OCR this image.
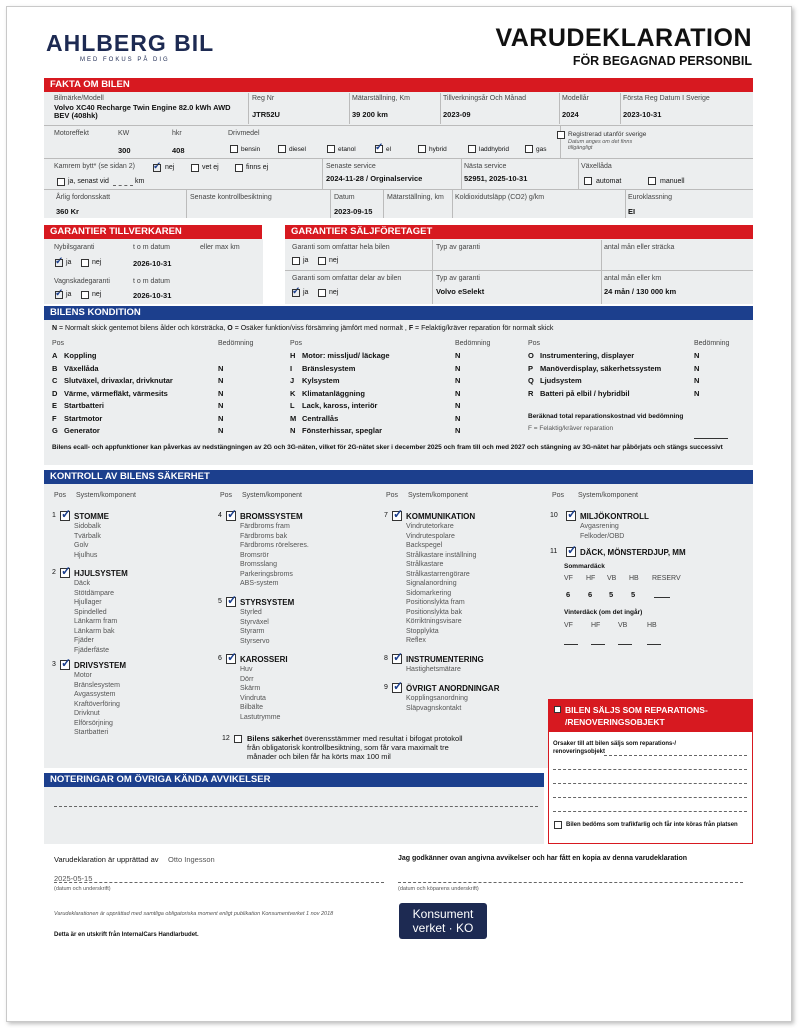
AHLBERG BIL
MED FOKUS PÅ DIG
VARUDEKLARATION
FÖR BEGAGNAD PERSONBIL
FAKTA OM BILEN
Bilmärke/Modell
Volvo XC40 Recharge Twin Engine 82.0 kWh AWD BEV (408hk)
Reg Nr
JTR52U
Mätarställning, Km
39 200 km
Tillverkningsår Och Månad
2023-09
Modellår
2024
Första Reg Datum I Sverige
2023-10-31
Motoreffekt	KW
300
hkr
408
Drivmedel	Registrerad utanför sverige
Datum anges om det finns tillgängligt
Kamrem bytt* (se sidan 2) ✓ nej	vet ej	finns ej
ja, senast vid	km
Senaste service
2024-11-28 / Orginalservice
Nästa service
52951, 2025-10-31
Växellåda
automat	manuell
Årlig fordonsskatt
360 Kr
Senaste kontrollbesiktning	Datum
2023-09-15
Mätarställning, km Koldioxidutsläpp (CO2) g/km	Euroklassning
EI
GARANTIER TILLVERKAREN	GARANTIER SÄLJFÖRETAGET
Nybilsgaranti	t o m datum	eller max km
✓ ja	nej	2026-10-31
Vagnskadegaranti	t o m datum
✓ ja	nej	2026-10-31
Garanti som omfattar hela bilen
ja	nej
Typ av garanti	antal mån eller sträcka
Garanti som omfattar delar av bilen
✓ ja	nej
Typ av garanti
Volvo eSelekt
antal mån eller km
24 mån / 130 000 km
BILENS KONDITION
N = Normalt skick gentemot bilens ålder och körsträcka, O = Osäker funktion/viss försämring jämfört med normalt , F = Felaktig/kräver reparation för normalt skick
Pos	Bedömning	Pos	Bedömning	Pos	Bedömning
Beräknad total reparationskostnad vid bedömning
F = Felaktig/kräver reparation
Bilens ecall- och appfunktioner kan påverkas av nedstängningen av 2G och 3G-näten, vilket för 2G-nätet sker i december 2025 och fram till och med 2027 och stängning av 3G-nätet har påbörjats och stängs successivt
KONTROLL AV BILENS SÄKERHET
Pos System/komponent	Pos System/komponent	Pos System/komponent	Pos System/komponent
Sommardäck
VF HF VB HB RESERV
6 6 5 5
Vinterdäck (om det ingår)
VF	HF	VB	HB
12 Bilens säkerhet överensstämmer med resultat i bifogat protokoll från obligatorisk kontrollbesiktning, som får vara maximalt tre månader och bilen får ha körts max 100 mil
BILEN SÄLJS SOM REPARATIONS- /RENOVERINGSOBJEKT
Orsaker till att bilen säljs som reparations-/ renoveringsobjekt
Bilen bedöms som trafikfarlig och får inte köras från platsen
NOTERINGAR OM ÖVRIGA KÄNDA AVVIKELSER
Varudeklaration är upprättad av Otto Ingesson
2025-05-15
(datum och underskrift)
Jag godkänner ovan angivna avvikelser och har fått en kopia av denna varudeklaration
(datum och köparens underskrift)
Varudeklarationen är upprättad med samtliga obligatoriska moment enligt publikation Konsumentverket 1 nov 2018
Detta är en utskrift från InternalCars Handlarbudet.
Konsument
verket · KO
bensin	diesel	etanol ✓ el	hybrid	laddhybrid	gas
A Koppling
B Växellåda	N
C Slutväxel, drivaxlar, drivknutar	N
D Värme, värmefläkt, värmesits	N
E Startbatteri	N
F Startmotor	N
G Generator	N
H Motor: missljud/ läckage	N
I Bränslesystem	N
J Kylsystem	N
K Klimatanläggning	N
L Lack, kaross, interiör	N
M Centrallås	N
N Fönsterhissar, speglar	N
O Instrumentering, displayer	N
P Manöverdisplay, säkerhetssystem	N
Q Ljudsystem	N
R Batteri på elbil / hybridbil	N
1 ✓ STOMME
Sidobalk
Tvärbalk
Golv
Hjulhus
2 ✓ HJULSYSTEM
Däck
Stötdämpare
Hjullager
Spindelled
Länkarm fram
Länkarm bak
Fjäder
Fjäderfäste
3 ✓ DRIVSYSTEM
Motor
Bränslesystem
Avgassystem
Kraftöverföring
Drivknut
Elförsörjning
Startbatteri
4 ✓ BROMSSYSTEM
Färdbroms fram
Färdbroms bak
Färdbroms rörelseres.
Bromsrör
Bromsslang
Parkeringsbroms
ABS-system
5 ✓ STYRSYSTEM
Styrled
Styrväxel
Styrarm
Styrservo
6 ✓ KAROSSERI
Huv
Dörr
Skärm
Vindruta
Bilbälte
Lastutrymme
7 ✓ KOMMUNIKATION
Vindrutetorkare
Vindrutespolare
Backspegel
Strålkastare inställning
Strålkastare
Strålkastarrengörare
Signalanordning
Sidomarkering
Positionslykta fram
Positionslykta bak
Körriktningsvisare
Stopplykta
Reflex
8 ✓ INSTRUMENTERING
Hastighetsmätare
9 ✓ ÖVRIGT ANORDNINGAR
Kopplingsanordning
Släpvagnskontakt
10 ✓ MILJÖKONTROLL
Avgasrening
Felkoder/OBD
11 ✓ DÄCK, MÖNSTERDJUP, MM
